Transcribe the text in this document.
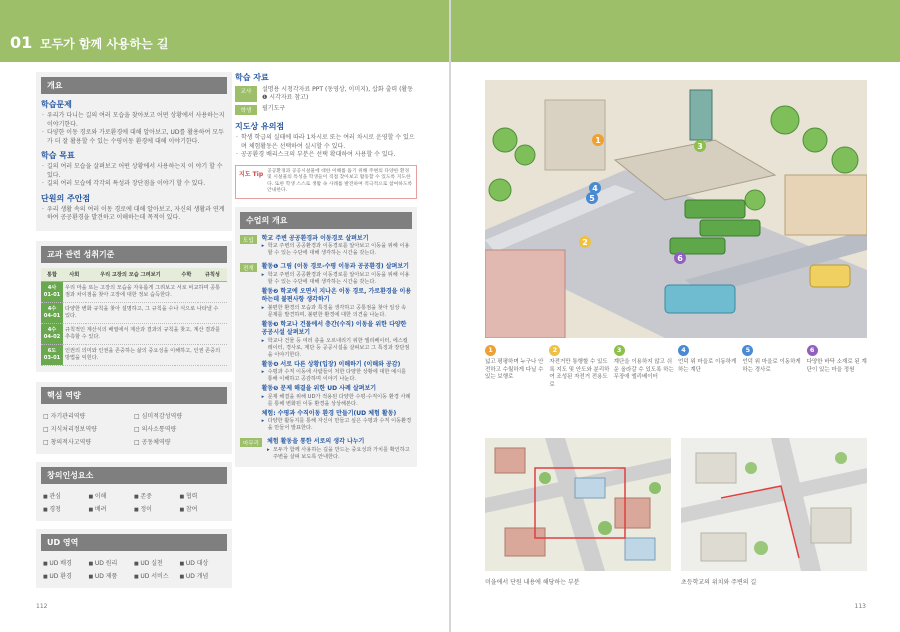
01 모두가 함께 사용하는 길
개요
학습문제
· 우리가 다니는 길의 여러 모습을 찾아보고 어떤 상황에서 사용하는지 이야기한다.
· 다양한 이동 경로와 가로환경에 대해 알아보고, UD를 활용하여 모두가 더 잘 활용할 수 있는 수평이동 환경에 대해 이야기한다.
학습 목표
· 길의 여러 모습을 살펴보고 어떤 상황에서 사용하는지 이 야기 할 수 있다.
· 길의 여러 모습에 각각의 특성과 장단점을 이야기 할 수 있다.
단원의 주안점
· 우리 생활 속의 여러 이동 경로에 대해 알아보고, 자신의 생활과 연계하여 공공환경을 발견하고 이해하는데 목적이 있다.
교과 관련 성취기준
통합	사회	우리 고장의 모습 그려보기	수학	규칙성
4사 01-01	우리 마을 또는 고장의 모습을 자유롭게 그려보고 서로 비교하며 공통점과 차이점을 찾아 고장에 대한 정보 습득한다.			
4수 04-01	다양한 변화 규칙을 찾아 설명하고, 그 규칙을 수나 식으로 나타낼 수 있다.			
4수 04-02	규칙적인 계산식의 배열에서 계산과 결과의 규칙을 찾고, 계산 결과를 추측할 수 있다.			
6도 03-01	인권의 의미와 인권을 존중하는 삶의 중요성을 이해하고, 인권 존중의 방법을 익힌다.			
핵심 역량
□ 자기관리역량	□ 심미적감성역량
□ 지식처리정보역량	□ 의사소통역량
□ 창의적사고역량	□ 공동체역량
창의인성요소
■ 관심	■ 이해	■ 존중	■ 협력
■ 경청	■ 배려	■ 정이	■ 참여
UD 영역
■ UD 배경	■ UD 원리	■ UD 실천	■ UD 대상
■ UD 환경	■ UD 제품	■ UD 서비스	■ UD 개념
학습 자료
교사	설명용 시청각자료 PPT (동영상, 이미지), 삽화 출력 (활동 ❶ 시각자료 참고)
학생	필기도구
지도상 유의점
· 학생 학급의 실태에 따라 1차시로 또는 여러 차시로 운영할 수 있으며 체험활동은 선택하여 실시할 수 있다.
· 공공환경 배리스크의 부분은 선택 확대하여 사용할 수 있다.
지도 Tip 공공환경과 공공시설물에 대한 이해를 돕기 위해 주변의 다양한 환경 및 시설물의 특성을 학생들이 직접 찾아보고 활동할 수 있도록 지도한다. 또한 학생 스스로 생활 속 사례를 발견하여 적극적으로 참여하도록 안내한다.
수업의 개요
도입	학교 주변 공공환경과 이동경로 살펴보기
▸ 학교 주변의 공공환경과 이동경로를 알아보고 이동을 위해 이용할 수 있는 수단에 대해 생각하는 시간을 갖는다.
전개	활동❶ 그림 (이동 경로-수평 이동과 공공환경) 살펴보기
▸ 학교 주변의 공공환경과 이동경로를 알아보고 이동을 위해 이용할 수 있는 수단에 대해 생각하는 시간을 갖는다.
활동❷ 학교에 오면서 지나온 이동 경로, 가로환경을 이용하는데 불편사항 생각하기
▸ 불편한 환경의 모습과 특징을 생각하고 공통점을 찾아 일상 속 문제를 발견하며, 불편한 환경에 대한 의견을 나눈다.
활동❸ 학교나 건물에서 층간(수직) 이동을 위한 다양한 공공시설 살펴보기
▸ 학교나 건물 등 여러 층을 오르내리기 위한 엘리베이터, 에스컬레이터, 경사로, 계단 등 공공시설을 살펴보고 그 특징과 장단점을 이야기한다.
활동❹ 서로 다른 상황(입장) 이해하기 (이해와 공감)
▸ 수평과 수직 이동에 사람들이 처한 다양한 상황에 대한 예시를 통해 이해하고 공감하며 이야기 나눈다.
활동❺ 문제 해결을 위한 UD 사례 살펴보기
▸ 문제 해결을 위해 UD가 적용된 다양한 수평·수직이동 환경 사례를 통해 변화된 이동 환경을 상상해본다.
체험: 수평과 수직이동 환경 만들기(UD 체험 활동)
▸ 다양한 활동지를 통해 자신이 만들고 싶은 수평과 수직 이동환경을 만들어 발표한다.
마무리	체험 활동을 통한 서로의 생각 나누기
▸ 모두가 함께 사용하는 길을 만드는 중요성과 가치를 확인하고 주변을 살펴 보도록 안내한다.
112
1
2
3
4
5
6
1
넓고 평평하며 누구나 안전하고 수월하게 다닐 수 있는 보행로
2
자전거만 통행할 수 있도록 지도 및 안도와 분리하여 조성된 자전거 전용도로
3
계단을 이용하지 않고 쉬운 올라갈 수 있도록 하는 무장애 엘리베이터
4
언덕 위 마을로 이동하게 하는 계단
5
언덕 위 마을로 이동하게 하는 경사로
6
다양한 바닥 소재로 된 계단이 있는 마을 정원
미을에서 단원 내용에 해당하는 부분	초등학교의 위치와 주변의 길
113
